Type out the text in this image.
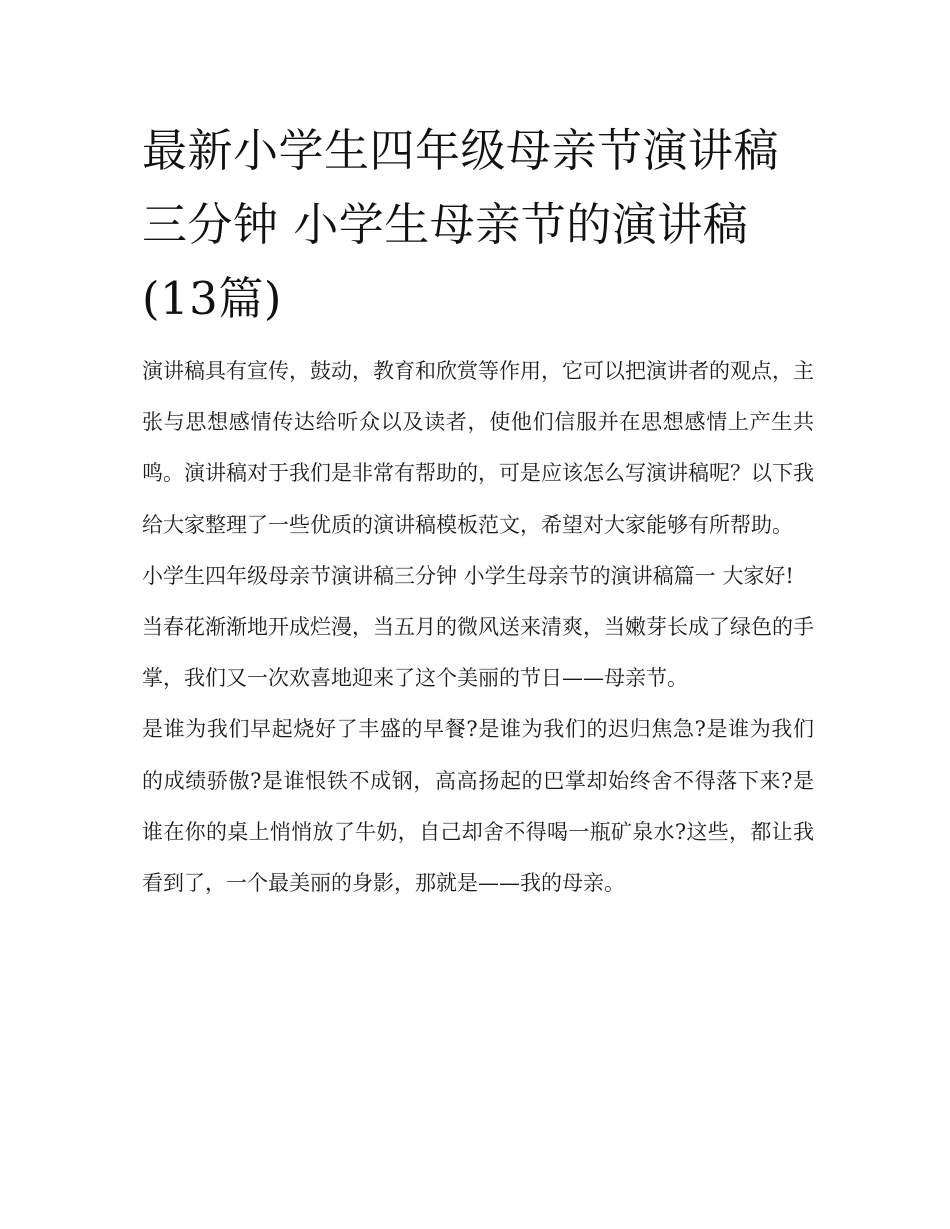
最新小学生四年级母亲节演讲稿三分钟 小学生母亲节的演讲稿(13篇)

演讲稿具有宣传，鼓动，教育和欣赏等作用，它可以把演讲者的观点，主张与思想感情传达给听众以及读者，使他们信服并在思想感情上产生共鸣。演讲稿对于我们是非常有帮助的，可是应该怎么写演讲稿呢？以下我给大家整理了一些优质的演讲稿模板范文，希望对大家能够有所帮助。

小学生四年级母亲节演讲稿三分钟 小学生母亲节的演讲稿篇一 大家好!

当春花渐渐地开成烂漫，当五月的微风送来清爽，当嫩芽长成了绿色的手掌，我们又一次欢喜地迎来了这个美丽的节日——母亲节。

是谁为我们早起烧好了丰盛的早餐?是谁为我们的迟归焦急?是谁为我们的成绩骄傲?是谁恨铁不成钢，高高扬起的巴掌却始终舍不得落下来?是谁在你的桌上悄悄放了牛奶，自己却舍不得喝一瓶矿泉水?这些，都让我看到了，一个最美丽的身影，那就是——我的母亲。
